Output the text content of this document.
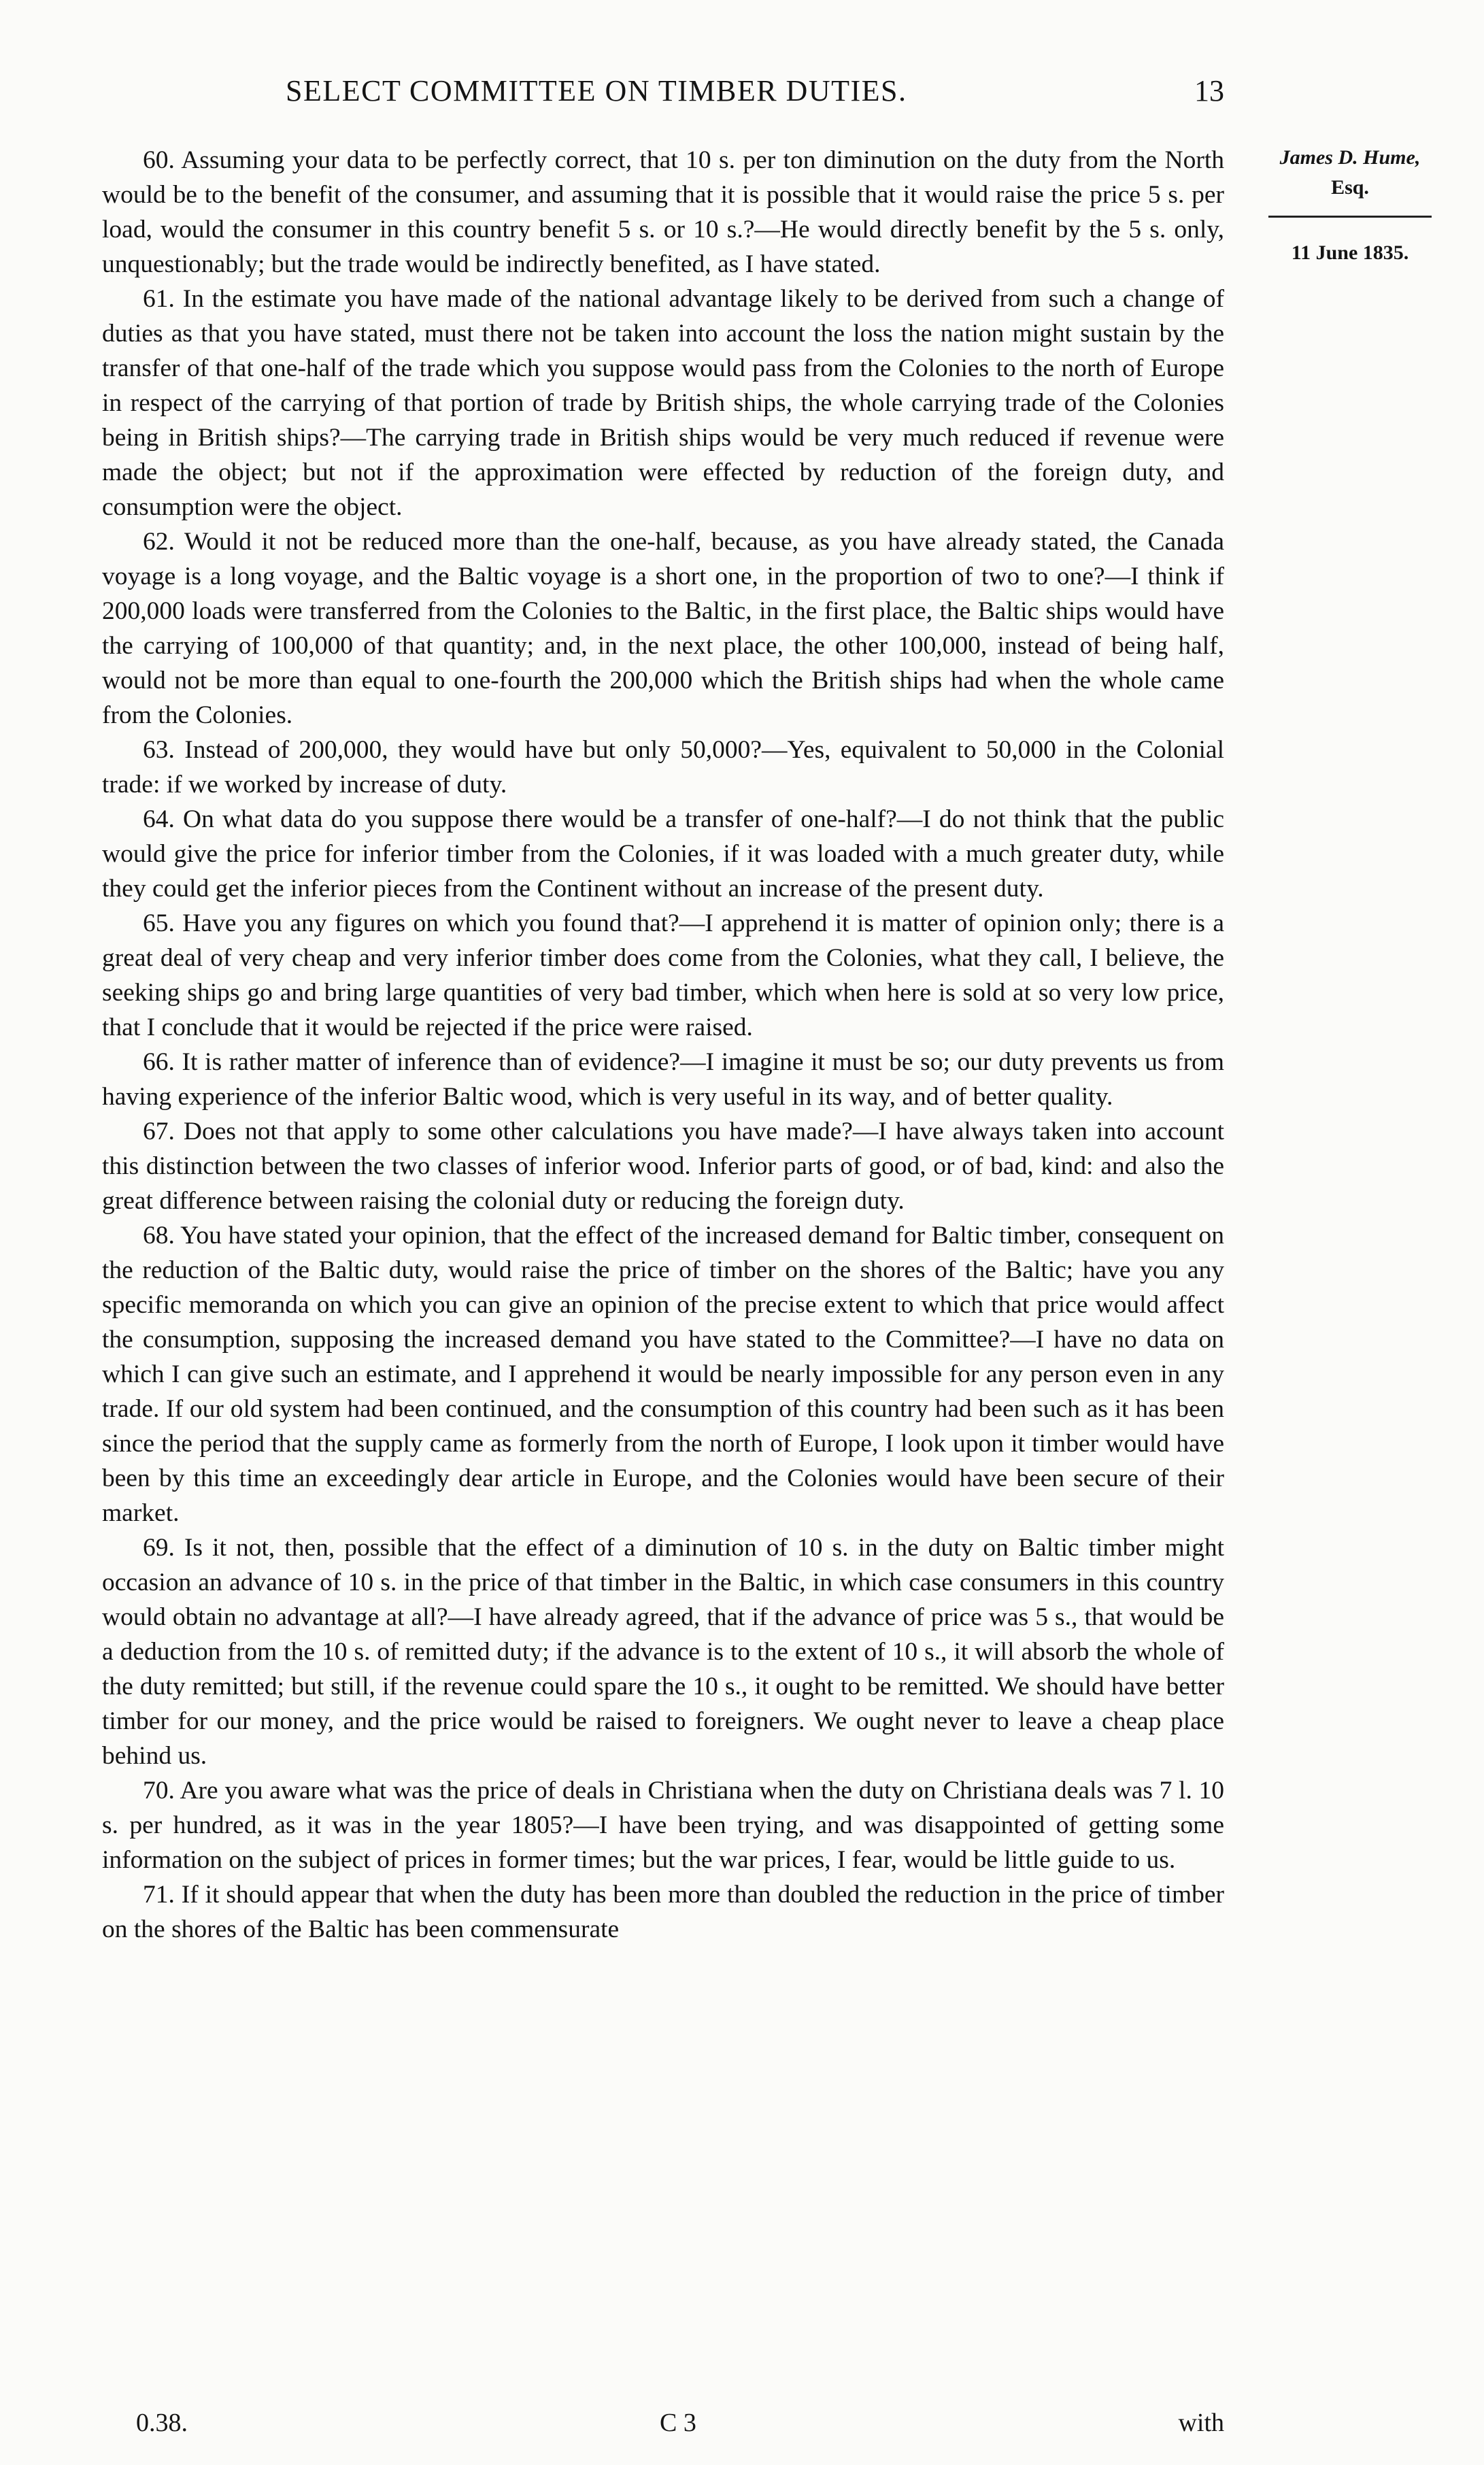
SELECT COMMITTEE ON TIMBER DUTIES.	13
James D. Hume,
Esq.
11 June 1835.

60. Assuming your data to be perfectly correct, that 10 s. per ton diminution on the duty from the North would be to the benefit of the consumer, and assuming that it is possible that it would raise the price 5 s. per load, would the consumer in this country benefit 5 s. or 10 s.?—He would directly benefit by the 5 s. only, unquestionably; but the trade would be indirectly benefited, as I have stated.

61. In the estimate you have made of the national advantage likely to be derived from such a change of duties as that you have stated, must there not be taken into account the loss the nation might sustain by the transfer of that one-half of the trade which you suppose would pass from the Colonies to the north of Europe in respect of the carrying of that portion of trade by British ships, the whole carrying trade of the Colonies being in British ships?—The carrying trade in British ships would be very much reduced if revenue were made the object; but not if the approximation were effected by reduction of the foreign duty, and consumption were the object.

62. Would it not be reduced more than the one-half, because, as you have already stated, the Canada voyage is a long voyage, and the Baltic voyage is a short one, in the proportion of two to one?—I think if 200,000 loads were transferred from the Colonies to the Baltic, in the first place, the Baltic ships would have the carrying of 100,000 of that quantity; and, in the next place, the other 100,000, instead of being half, would not be more than equal to one-fourth the 200,000 which the British ships had when the whole came from the Colonies.

63. Instead of 200,000, they would have but only 50,000?—Yes, equivalent to 50,000 in the Colonial trade: if we worked by increase of duty.

64. On what data do you suppose there would be a transfer of one-half?—I do not think that the public would give the price for inferior timber from the Colonies, if it was loaded with a much greater duty, while they could get the inferior pieces from the Continent without an increase of the present duty.

65. Have you any figures on which you found that?—I apprehend it is matter of opinion only; there is a great deal of very cheap and very inferior timber does come from the Colonies, what they call, I believe, the seeking ships go and bring large quantities of very bad timber, which when here is sold at so very low price, that I conclude that it would be rejected if the price were raised.

66. It is rather matter of inference than of evidence?—I imagine it must be so; our duty prevents us from having experience of the inferior Baltic wood, which is very useful in its way, and of better quality.

67. Does not that apply to some other calculations you have made?—I have always taken into account this distinction between the two classes of inferior wood. Inferior parts of good, or of bad, kind: and also the great difference between raising the colonial duty or reducing the foreign duty.

68. You have stated your opinion, that the effect of the increased demand for Baltic timber, consequent on the reduction of the Baltic duty, would raise the price of timber on the shores of the Baltic; have you any specific memoranda on which you can give an opinion of the precise extent to which that price would affect the consumption, supposing the increased demand you have stated to the Committee?—I have no data on which I can give such an estimate, and I apprehend it would be nearly impossible for any person even in any trade. If our old system had been continued, and the consumption of this country had been such as it has been since the period that the supply came as formerly from the north of Europe, I look upon it timber would have been by this time an exceedingly dear article in Europe, and the Colonies would have been secure of their market.

69. Is it not, then, possible that the effect of a diminution of 10 s. in the duty on Baltic timber might occasion an advance of 10 s. in the price of that timber in the Baltic, in which case consumers in this country would obtain no advantage at all?—I have already agreed, that if the advance of price was 5 s., that would be a deduction from the 10 s. of remitted duty; if the advance is to the extent of 10 s., it will absorb the whole of the duty remitted; but still, if the revenue could spare the 10 s., it ought to be remitted. We should have better timber for our money, and the price would be raised to foreigners. We ought never to leave a cheap place behind us.

70. Are you aware what was the price of deals in Christiana when the duty on Christiana deals was 7 l. 10 s. per hundred, as it was in the year 1805?—I have been trying, and was disappointed of getting some information on the subject of prices in former times; but the war prices, I fear, would be little guide to us.

71. If it should appear that when the duty has been more than doubled the reduction in the price of timber on the shores of the Baltic has been commensurate

0.38.	C 3	with
